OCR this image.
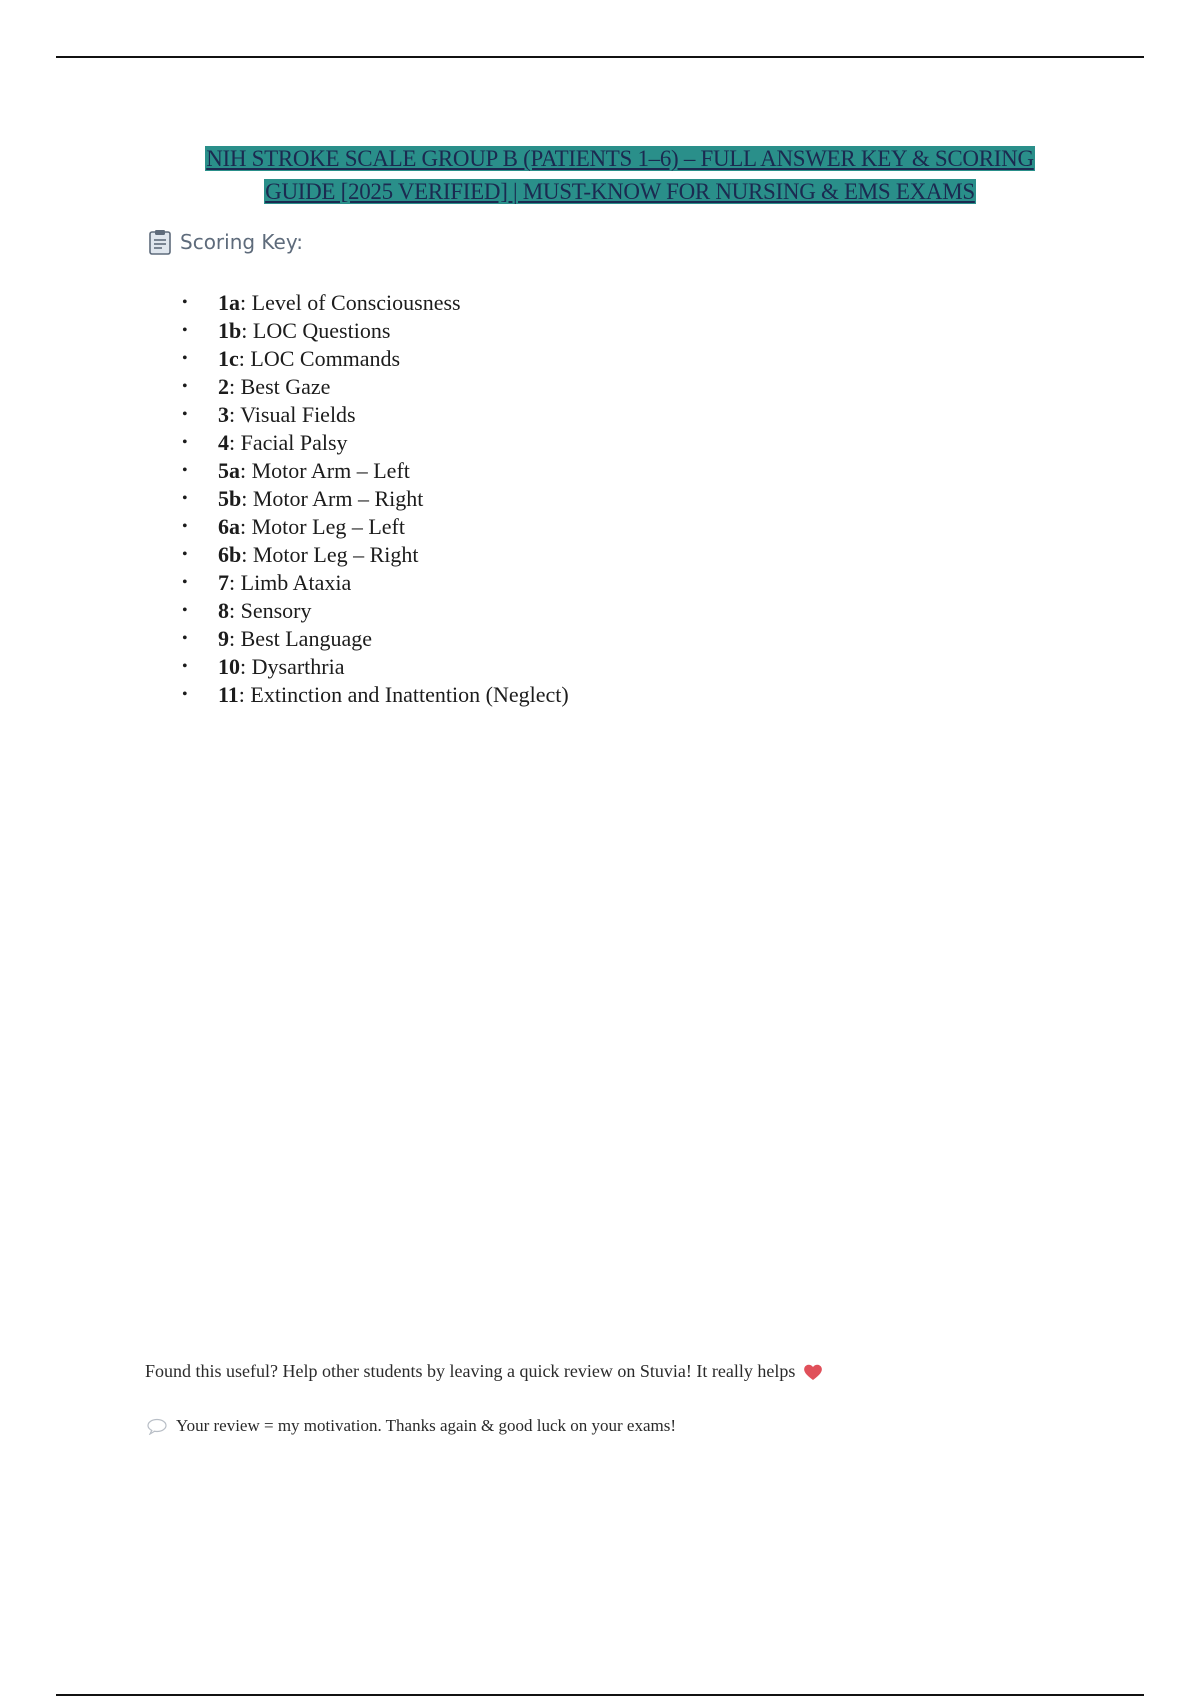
NIH STROKE SCALE GROUP B (PATIENTS 1–6) – FULL ANSWER KEY & SCORING
GUIDE [2025 VERIFIED] | MUST-KNOW FOR NURSING & EMS EXAMS
Scoring Key:
• 1a: Level of Consciousness
• 1b: LOC Questions
• 1c: LOC Commands
• 2: Best Gaze
• 3: Visual Fields
• 4: Facial Palsy
• 5a: Motor Arm – Left
• 5b: Motor Arm – Right
• 6a: Motor Leg – Left
• 6b: Motor Leg – Right
• 7: Limb Ataxia
• 8: Sensory
• 9: Best Language
• 10: Dysarthria
• 11: Extinction and Inattention (Neglect)
Found this useful? Help other students by leaving a quick review on Stuvia! It really helps
Your review = my motivation. Thanks again & good luck on your exams!
